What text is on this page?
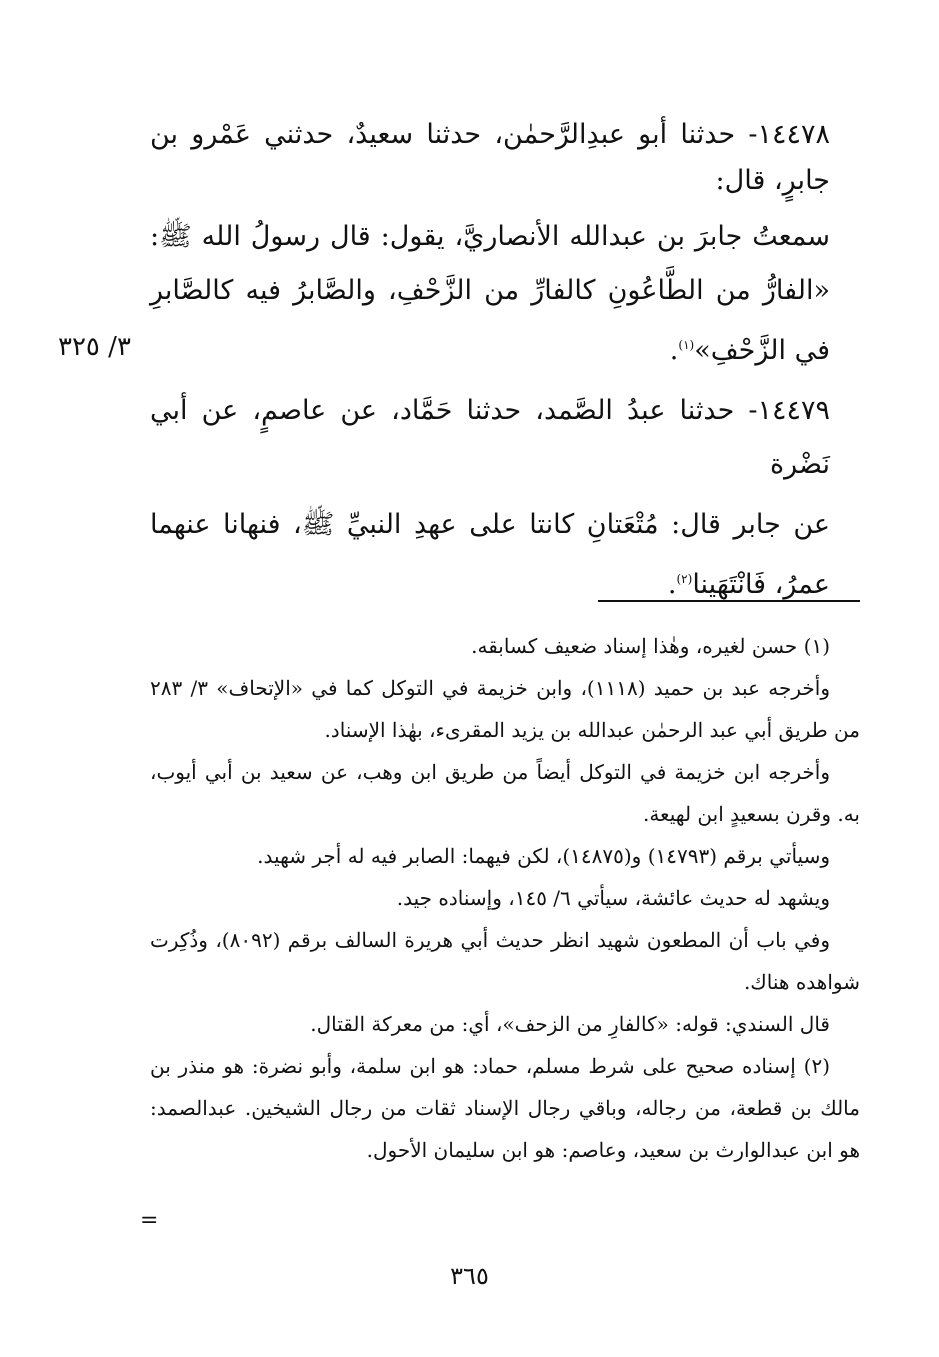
١٤٤٧٨- حدثنا أبو عبدِالرَّحمٰن، حدثنا سعيدٌ، حدثني عَمْرو بن جابرٍ، قال:

سمعتُ جابرَ بن عبدالله الأنصاريَّ، يقول: قال رسولُ الله ﷺ: «الفارُّ من الطَّاعُونِ كالفارِّ من الزَّحْفِ، والصَّابرُ فيه كالصَّابرِ في الزَّحْفِ»$^{(١)}$.

١٤٤٧٩- حدثنا عبدُ الصَّمد، حدثنا حَمَّاد، عن عاصمٍ، عن أبي نَضْرة

عن جابر قال: مُتْعَتانِ كانتا على عهدِ النبيِّ ﷺ، فنهانا عنهما عمرُ، فَانْتَهَينا$^{(٢)}$.

٣/ ٣٢٥

(١) حسن لغيره، وهٰذا إسناد ضعيف كسابقه.

وأخرجه عبد بن حميد (١١١٨)، وابن خزيمة في التوكل كما في «الإتحاف» ٣/ ٢٨٣ من طريق أبي عبد الرحمٰن عبدالله بن يزيد المقرىء، بهٰذا الإسناد.

وأخرجه ابن خزيمة في التوكل أيضاً من طريق ابن وهب، عن سعيد بن أبي أيوب، به. وقرن بسعيدٍ ابن لهيعة.

وسيأتي برقم (١٤٧٩٣) و(١٤٨٧٥)، لكن فيهما: الصابر فيه له أجر شهيد.

ويشهد له حديث عائشة، سيأتي ٦/ ١٤٥، وإسناده جيد.

وفي باب أن المطعون شهيد انظر حديث أبي هريرة السالف برقم (٨٠٩٢)، وذُكِرت شواهده هناك.

قال السندي: قوله: «كالفارِ من الزحف»، أي: من معركة القتال.

(٢) إسناده صحيح على شرط مسلم، حماد: هو ابن سلمة، وأبو نضرة: هو منذر بن مالك بن قطعة، من رجاله، وباقي رجال الإسناد ثقات من رجال الشيخين. عبدالصمد: هو ابن عبدالوارث بن سعيد، وعاصم: هو ابن سليمان الأحول.

=
٣٦٥
